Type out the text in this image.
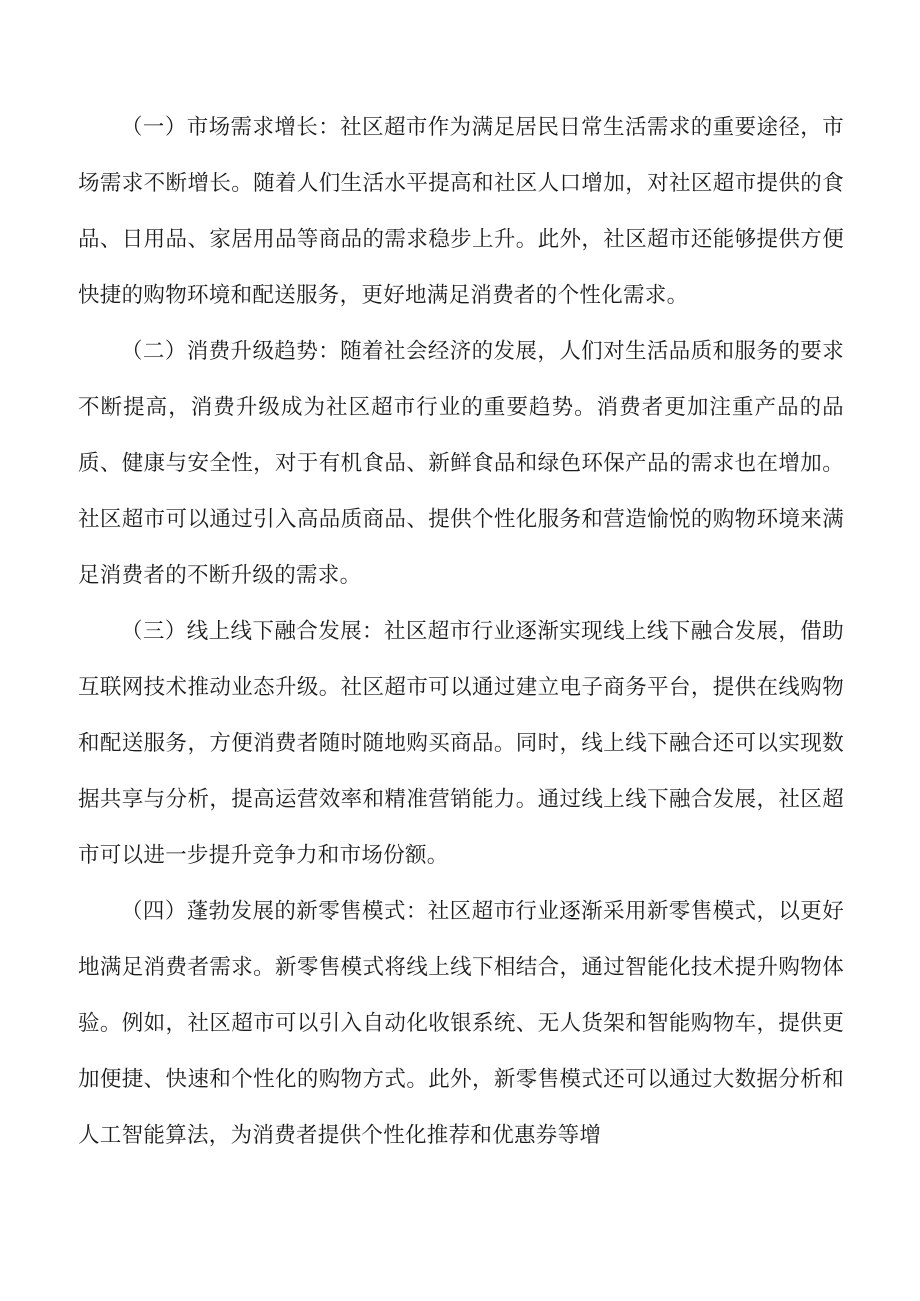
（一）市场需求增长：社区超市作为满足居民日常生活需求的重要途径，市场需求不断增长。随着人们生活水平提高和社区人口增加，对社区超市提供的食品、日用品、家居用品等商品的需求稳步上升。此外，社区超市还能够提供方便快捷的购物环境和配送服务，更好地满足消费者的个性化需求。

（二）消费升级趋势：随着社会经济的发展，人们对生活品质和服务的要求不断提高，消费升级成为社区超市行业的重要趋势。消费者更加注重产品的品质、健康与安全性，对于有机食品、新鲜食品和绿色环保产品的需求也在增加。社区超市可以通过引入高品质商品、提供个性化服务和营造愉悦的购物环境来满足消费者的不断升级的需求。

（三）线上线下融合发展：社区超市行业逐渐实现线上线下融合发展，借助互联网技术推动业态升级。社区超市可以通过建立电子商务平台，提供在线购物和配送服务，方便消费者随时随地购买商品。同时，线上线下融合还可以实现数据共享与分析，提高运营效率和精准营销能力。通过线上线下融合发展，社区超市可以进一步提升竞争力和市场份额。

（四）蓬勃发展的新零售模式：社区超市行业逐渐采用新零售模式，以更好地满足消费者需求。新零售模式将线上线下相结合，通过智能化技术提升购物体验。例如，社区超市可以引入自动化收银系统、无人货架和智能购物车，提供更加便捷、快速和个性化的购物方式。此外，新零售模式还可以通过大数据分析和人工智能算法，为消费者提供个性化推荐和优惠券等增
